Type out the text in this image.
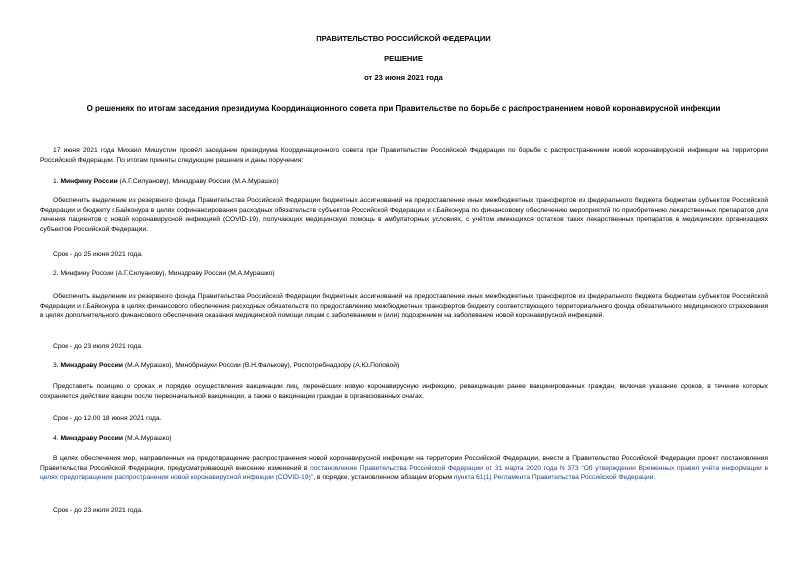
ПРАВИТЕЛЬСТВО РОССИЙСКОЙ ФЕДЕРАЦИИ

РЕШЕНИЕ

от 23 июня 2021 года

О решениях по итогам заседания президиума Координационного совета при Правительстве по борьбе с распространением новой коронавирусной инфекции

17 июня 2021 года Михаил Мишустин провёл заседание президиума Координационного совета при Правительстве Российской Федерации по борьбе с распространением новой коронавирусной инфекции на территории Российской Федерации. По итогам приняты следующие решения и даны поручения:

1. Минфину России (А.Г.Силуанову), Минздраву России (М.А.Мурашко)

Обеспечить выделение из резервного фонда Правительства Российской Федерации бюджетных ассигнований на предоставление иных межбюджетных трансфертов из федерального бюджета бюджетам субъектов Российской Федерации и бюджету г.Байконура в целях софинансирования расходных обязательств субъектов Российской Федерации и г.Байконура по финансовому обеспечению мероприятий по приобретению лекарственных препаратов для лечения пациентов с новой коронавирусной инфекцией (COVID-19), получающих медицинскую помощь в амбулаторных условиях, с учётом имеющихся остатков таких лекарственных препаратов в медицинских организациях субъектов Российской Федерации.

Срок - до 25 июня 2021 года.

2. Минфину России (А.Г.Силуанову), Минздраву России (М.А.Мурашко)

Обеспечить выделение из резервного фонда Правительства Российской Федерации бюджетных ассигнований на предоставление иных межбюджетных трансфертов из федерального бюджета бюджетам субъектов Российской Федерации и г.Байконура в целях финансового обеспечения расходных обязательств по предоставлению межбюджетных трансфертов бюджету соответствующего территориального фонда обязательного медицинского страхования в целях дополнительного финансового обеспечения оказания медицинской помощи лицам с заболеванием и (или) подозрением на заболевание новой коронавирусной инфекцией.

Срок - до 23 июля 2021 года.

3. Минздраву России (М.А.Мурашко), Минобрнауки России (В.Н.Фалькову), Роспотребнадзору (А.Ю.Поповой)

Представить позицию о сроках и порядке осуществления вакцинации лиц, перенёсших новую коронавирусную инфекцию, ревакцинации ранее вакцинированных граждан, включая указание сроков, в течение которых сохраняется действие вакцин после первоначальной вакцинации, а также о вакцинации граждан в организованных очагах.

Срок - до 12.00 18 июня 2021 года.

4. Минздраву России (М.А.Мурашко)

В целях обеспечения мер, направленных на предотвращение распространения новой коронавирусной инфекции на территории Российской Федерации, внести в Правительство Российской Федерации проект постановления Правительства Российской Федерации, предусматривающий внесение изменений в постановление Правительства Российской Федерации от 31 марта 2020 года N 373 "Об утверждении Временных правил учёта информации в целях предотвращения распространения новой коронавирусной инфекции (COVID-19)", в порядке, установленном абзацем вторым пункта 61(1) Регламента Правительства Российской Федерации.

Срок - до 23 июля 2021 года.
